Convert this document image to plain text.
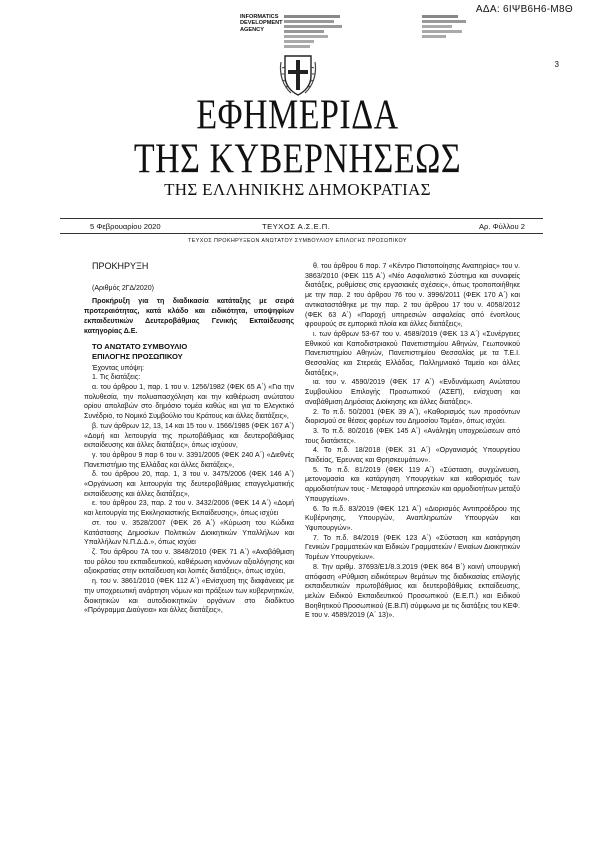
ΑΔΑ: 6ΙΨΒ6Η6-Μ8Θ
3
INFORMATICS
DEVELOPMENT
AGENCY
ΕΦΗΜΕΡΙΔΑ
ΤΗΣ ΚΥΒΕΡΝΗΣΕΩΣ
ΤΗΣ ΕΛΛΗΝΙΚΗΣ ΔΗΜΟΚΡΑΤΙΑΣ
5 Φεβρουαρίου 2020	ΤΕΥΧΟΣ Α.Σ.Ε.Π.	Αρ. Φύλλου 2
ΤΕΥΧΟΣ ΠΡΟΚΗΡΥΞΕΩΝ ΑΝΩΤΑΤΟΥ ΣΥΜΒΟΥΛΙΟΥ ΕΠΙΛΟΓΗΣ ΠΡΟΣΩΠΙΚΟΥ

ΠΡΟΚΗΡΥΞΗ

(Αριθμός 2Γ∆/2020)

Προκήρυξη για τη διαδικασία κατάταξης με σειρά προτεραιότητας, κατά κλάδο και ειδικότητα, υποψηφίων εκπαιδευτικών Δευτεροβάθμιας Γενικής Εκπαίδευσης κατηγορίας Δ.Ε.

ΤΟ ΑΝΩΤΑΤΟ ΣΥΜΒΟΥΛΙΟ

ΕΠΙΛΟΓΗΣ ΠΡΟΣΩΠΙΚΟΥ

Έχοντας υπόψη:

1. Τις διατάξεις:

α. του άρθρου 1, παρ. 1 του ν. 1256/1982 (ΦΕΚ 65 Α΄) «Για την πολυθεσία, την πολυαπασχόληση και την καθιέρωση ανώτατου ορίου απολαβών στο δημόσιο τομέα καθώς και για το Ελεγκτικό Συνέδριο, το Νομικό Συμβούλιο του Κράτους και άλλες διατάξεις»,

β. των άρθρων 12, 13, 14 και 15 του ν. 1566/1985 (ΦΕΚ 167 Α΄) «Δομή και λειτουργία της πρωτοβάθμιας και δευτεροβάθμιας εκπαίδευσης και άλλες διατάξεις», όπως ισχύουν,

γ. του άρθρου 9 παρ 6 του ν. 3391/2005 (ΦΕΚ 240 Α΄) «Διεθνές Πανεπιστήμιο της Ελλάδας και άλλες διατάξεις»,

δ. του άρθρου 20, παρ. 1, 3 του ν. 3475/2006 (ΦΕΚ 146 Α΄) «Οργάνωση και λειτουργία της δευτεροβάθμιας επαγγελματικής εκπαίδευσης και άλλες διατάξεις»,

ε. του άρθρου 23, παρ. 2 του ν. 3432/2006 (ΦΕΚ 14 Α΄) «Δομή και λειτουργία της Εκκλησιαστικής Εκπαίδευσης», όπως ισχύει

στ. του ν. 3528/2007 (ΦΕΚ 26 Α΄) «Κύρωση του Κώδικα Κατάστασης Δημοσίων Πολιτικών Διοικητικών Υπαλλήλων και Υπαλλήλων Ν.Π.Δ.Δ.», όπως ισχύει

ζ. Του άρθρου 7Α του ν. 3848/2010 (ΦΕΚ 71 Α΄) «Αναβάθμιση του ρόλου του εκπαιδευτικού, καθιέρωση κανόνων αξιολόγησης και αξιοκρατίας στην εκπαίδευση και λοιπές διατάξεις», όπως ισχύει,

η. του ν. 3861/2010 (ΦΕΚ 112 Α΄) «Ενίσχυση της διαφάνειας με την υποχρεωτική ανάρτηση νόμων και πράξεων των κυβερνητικών, διοικητικών και αυτοδιοικητικών οργάνων στο διαδίκτυο «Πρόγραμμα Διαύγεια» και άλλες διατάξεις»,

θ. του άρθρου 6 παρ. 7 «Κέντρο Πιστοποίησης Αναπηρίας» του ν. 3863/2010 (ΦΕΚ 115 Α΄) «Νέο Ασφαλιστικό Σύστημα και συναφείς διατάξεις, ρυθμίσεις στις εργασιακές σχέσεις», όπως τροποποιήθηκε με την παρ. 2 του άρθρου 76 του ν. 3996/2011 (ΦΕΚ 170 Α΄) και αντικαταστάθηκε με την παρ. 2 του άρθρου 17 του ν. 4058/2012 (ΦΕΚ 63 Α΄) «Παροχή υπηρεσιών ασφαλείας από ένοπλους φρουρούς σε εμπορικά πλοία και άλλες διατάξεις»,

ι. των άρθρων 53-67 του ν. 4589/2019 (ΦΕΚ 13 Α΄) «Συνέργειες Εθνικού και Καποδιστριακού Πανεπιστημίου Αθηνών, Γεωπονικού Πανεπιστημίου Αθηνών, Πανεπιστημίου Θεσσαλίας με τα Τ.Ε.Ι. Θεσσαλίας και Στερεάς Ελλάδας, Παλλημνιακό Ταμείο και άλλες διατάξεις»,

ια. του ν. 4590/2019 (ΦΕΚ 17 Α΄) «Ενδυνάμωση Ανώτατου Συμβουλίου Επιλογής Προσωπικού (ΑΣΕΠ), ενίσχυση και αναβάθμιση Δημόσιας Διοίκησης και άλλες διατάξεις».

2. Το π.δ. 50/2001 (ΦΕΚ 39 Α΄), «Καθορισμός των προσόντων διορισμού σε θέσεις φορέων του Δημοσίου Τομέα», όπως ισχύει.

3. Το π.δ. 80/2016 (ΦΕΚ 145 Α΄) «Ανάληψη υποχρεώσεων από τους διατάκτες».

4. Το π.δ. 18/2018 (ΦΕΚ 31 Α΄) «Οργανισμός Υπουργείου Παιδείας, Έρευνας και Θρησκευμάτων».

5. Το π.δ. 81/2019 (ΦΕΚ 119 Α΄) «Σύσταση, συγχώνευση, μετονομασία και κατάργηση Υπουργείων και καθορισμός των αρμοδιοτήτων τους - Μεταφορά υπηρεσιών και αρμοδιοτήτων μεταξύ Υπουργείων».

6. Το π.δ. 83/2019 (ΦΕΚ 121 Α΄) «Διορισμός Αντιπροέδρου της Κυβέρνησης, Υπουργών, Αναπληρωτών Υπουργών και Υφυπουργών».

7. Το π.δ. 84/2019 (ΦΕΚ 123 Α΄) «Σύσταση και κατάργηση Γενικών Γραμματειών και Ειδικών Γραμματειών / Ενιαίων Διοικητικών Τομέων Υπουργείων».

8. Την αριθμ. 37693/Ε1/8.3.2019 (ΦΕΚ 864 Β΄) κοινή υπουργική απόφαση «Ρύθμιση ειδικότερων θεμάτων της διαδικασίας επιλογής εκπαιδευτικών πρωτοβάθμιας και δευτεροβάθμιας εκπαίδευσης, μελών Ειδικού Εκπαιδευτικού Προσωπικού (Ε.Ε.Π.) και Ειδικού Βοηθητικού Προσωπικού (Ε.Β.Π) σύμφωνα με τις διατάξεις του ΚΕΦ. Ε του ν. 4589/2019 (Α΄ 13)».
